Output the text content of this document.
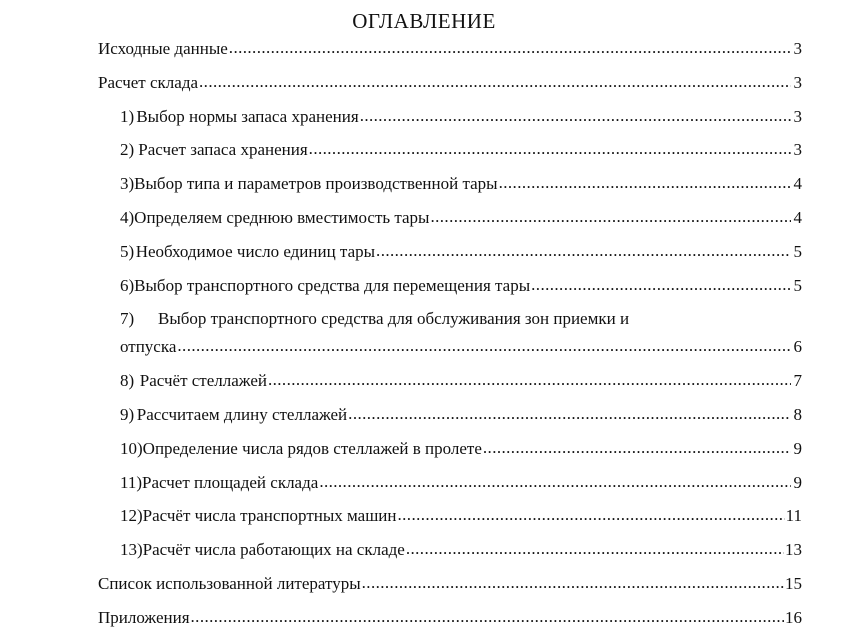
ОГЛАВЛЕНИЕ
Исходные данные .....	3
Расчет склада .....	3
1) Выбор нормы запаса хранения .....	3
2) Расчет запаса хранения .....	3
3) Выбор типа и параметров производственной тары .....	4
4) Определяем среднюю вместимость тары .....	4
5) Необходимое число единиц тары .....	5
6) Выбор транспортного средства для перемещения тары .....	5
7)	Выбор транспортного средства для обслуживания зон приемки и
отпуска .....	6
8) Расчёт стеллажей .....	7
9) Рассчитаем длину стеллажей .....	8
10) Определение числа рядов стеллажей в пролете .....	9
11) Расчет площадей склада .....	9
12) Расчёт числа транспортных машин .....	11
13) Расчёт числа работающих на складе .....	13
Список использованной литературы .....	15
Приложения .....	16
